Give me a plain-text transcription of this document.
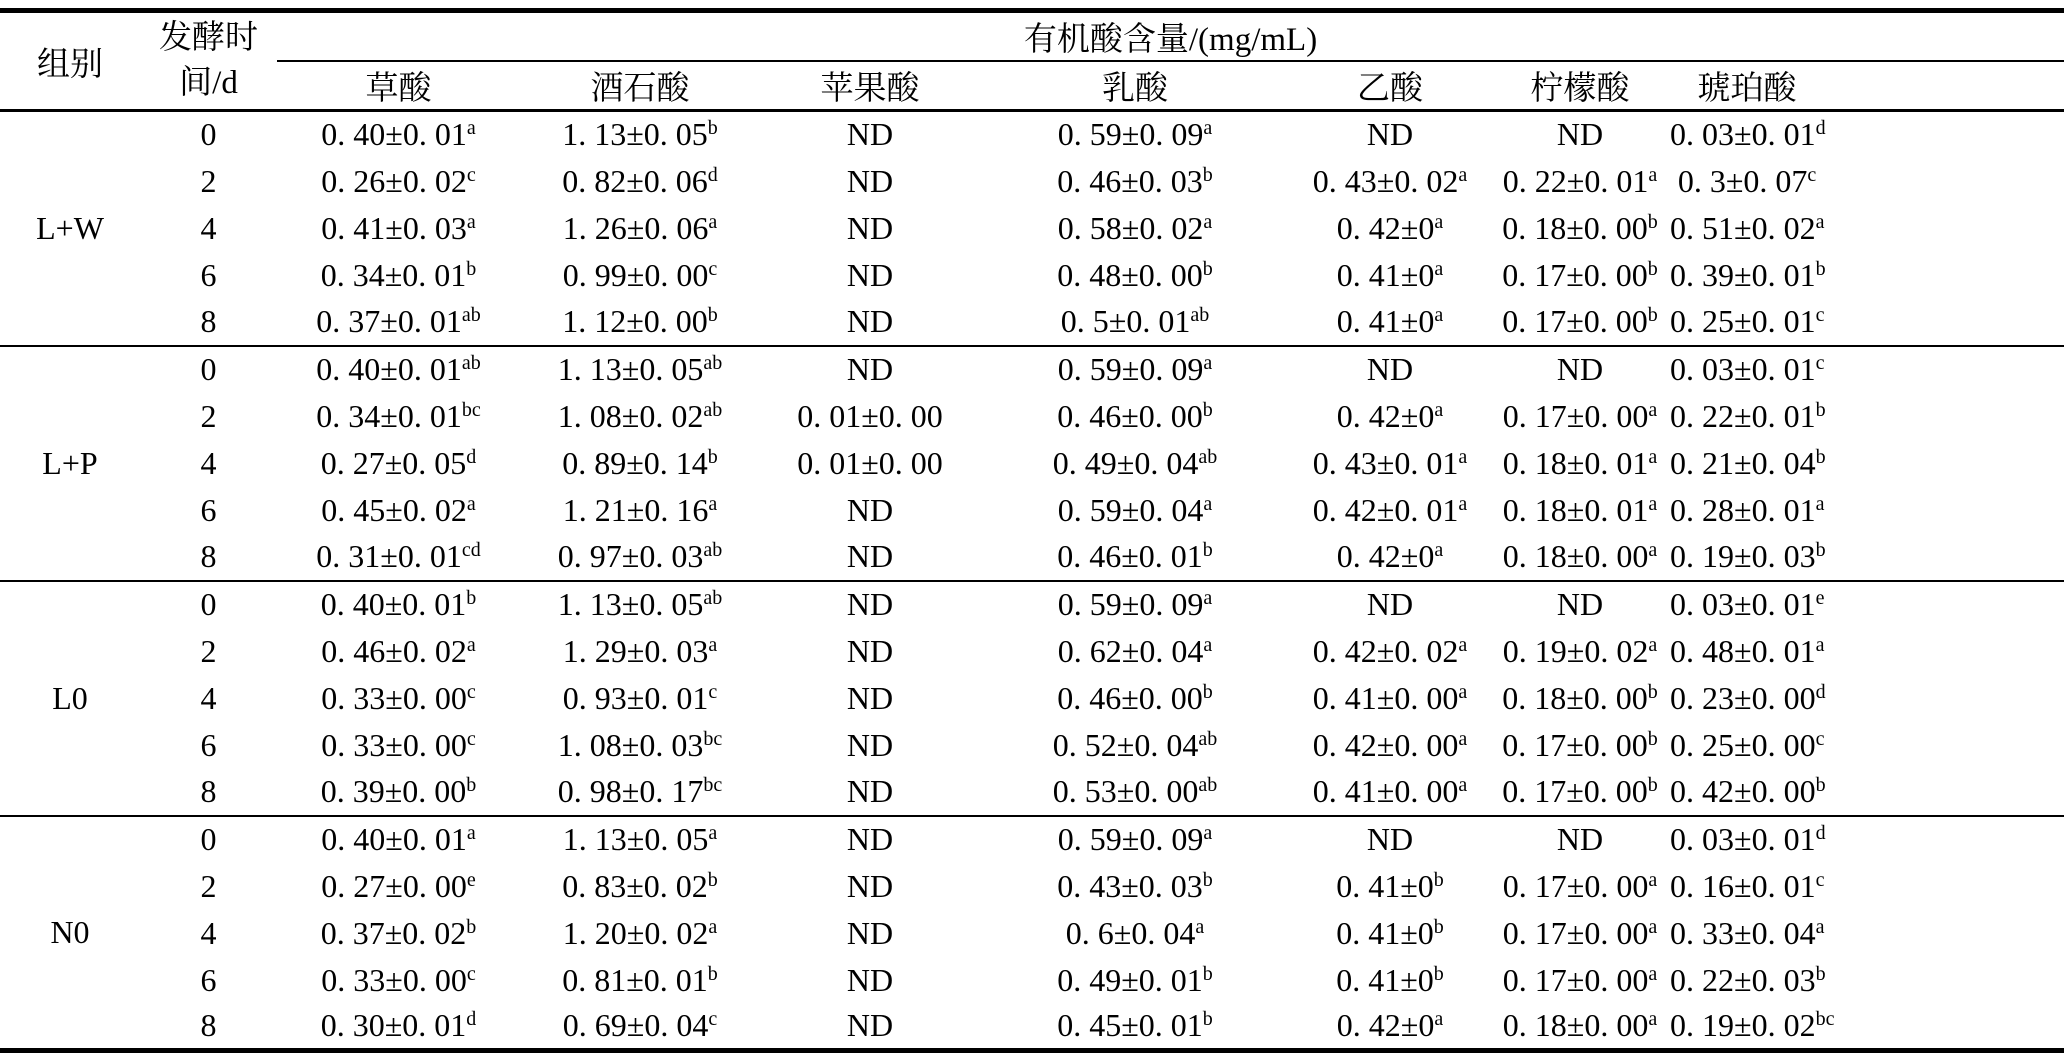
组别	发酵时
间/d	有机酸含量/(mg/mL)						
		草酸	酒石酸	苹果酸	乳酸	乙酸	柠檬酸	琥珀酸
L+W	0	0. 40±0. 01$^a$	1. 13±0. 05$^b$	ND	0. 59±0. 09$^a$	ND	ND	0. 03±0. 01$^d$
	2	0. 26±0. 02$^c$	0. 82±0. 06$^d$	ND	0. 46±0. 03$^b$	0. 43±0. 02$^a$	0. 22±0. 01$^a$	0. 3±0. 07$^c$
	4	0. 41±0. 03$^a$	1. 26±0. 06$^a$	ND	0. 58±0. 02$^a$	0. $42\pm 0^a$	0. 18±0. 00$^b$	0. 51±0. 02$^a$
	6	0. 34±0. 01$^b$	0. 99±0. 00$^c$	ND	0. 48±0. 00$^b$	0. $41\pm 0^a$	0. 17±0. 00$^b$	0. 39±0. 01$^b$
	8	0. 37±0. $01^{ab}$	1. 12±0. 00$^b$	ND	0. 5±0. $01^{ab}$	0. $41\pm 0^a$	0. 17±0. 00$^b$	0. 25±0. 01$^c$
L+P	0	0. 40±0. $01^{ab}$	1. 13±0. $05^{ab}$	ND	0. 59±0. 09$^a$	ND	ND	0. 03±0. 01$^c$
	2	0. 34±0. $01^{bc}$	1. 08±0. $02^{ab}$	0. 01±0. 00	0. 46±0. 00$^b$	0. $42\pm 0^a$	0. 17±0. 00$^a$	0. 22±0. 01$^b$
	4	0. 27±0. 05$^d$	0. 89±0. 14$^b$	0. 01±0. 00	0. 49±0. $04^{ab}$	0. 43±0. 01$^a$	0. 18±0. 01$^a$	0. 21±0. 04$^b$
	6	0. 45±0. 02$^a$	1. 21±0. 16$^a$	ND	0. 59±0. 04$^a$	0. 42±0. 01$^a$	0. 18±0. 01$^a$	0. 28±0. 01$^a$
	8	0. 31±0. $01^{cd}$	0. 97±0. $03^{ab}$	ND	0. 46±0. 01$^b$	0. $42\pm 0^a$	0. 18±0. 00$^a$	0. 19±0. 03$^b$
L0	0	0. 40±0. 01$^b$	1. 13±0. $05^{ab}$	ND	0. 59±0. 09$^a$	ND	ND	0. 03±0. 01e
	2	0. 46±0. 02$^a$	1. 29±0. 03$^a$	ND	0. 62±0. 04$^a$	0. 42±0. 02$^a$	0. 19±0. 02$^a$	0. 48±0. 01$^a$
	4	0. 33±0. 00$^c$	0. 93±0. 01$^c$	ND	0. 46±0. 00$^b$	0. 41±0. 00$^a$	0. 18±0. 00$^b$	0. 23±0. 00$^d$
	6	0. 33±0. 00$^c$	1. 08±0. $03^{bc}$	ND	0. 52±0. $04^{ab}$	0. 42±0. 00$^a$	0. 17±0. 00$^b$	0. 25±0. 00$^c$
	8	0. 39±0. 00$^b$	0. 98±0. $17^{bc}$	ND	0. 53±0. $00^{ab}$	0. 41±0. 00$^a$	0. 17±0. 00$^b$	0. 42±0. 00$^b$
N0	0	0. 40±0. 01$^a$	1. 13±0. 05$^a$	ND	0. 59±0. 09$^a$	ND	ND	0. 03±0. 01$^d$
	2	0. 27±0. 00e	0. 83±0. 02$^b$	ND	0. 43±0. 03$^b$	0. $41\pm 0^b$	0. 17±0. 00$^a$	0. 16±0. 01$^c$
	4	0. 37±0. 02$^b$	1. 20±0. 02$^a$	ND	0. 6±0. 04$^a$	0. $41\pm 0^b$	0. 17±0. 00$^a$	0. 33±0. 04$^a$
	6	0. 33±0. 00$^c$	0. 81±0. 01$^b$	ND	0. 49±0. 01$^b$	0. $41\pm 0^b$	0. 17±0. 00$^a$	0. 22±0. 03$^b$
	8	0. 30±0. 01$^d$	0. 69±0. 04$^c$	ND	0. 45±0. 01$^b$	0. $42\pm 0^a$	0. 18±0. 00$^a$	0. 19±0. $02^{bc}$
